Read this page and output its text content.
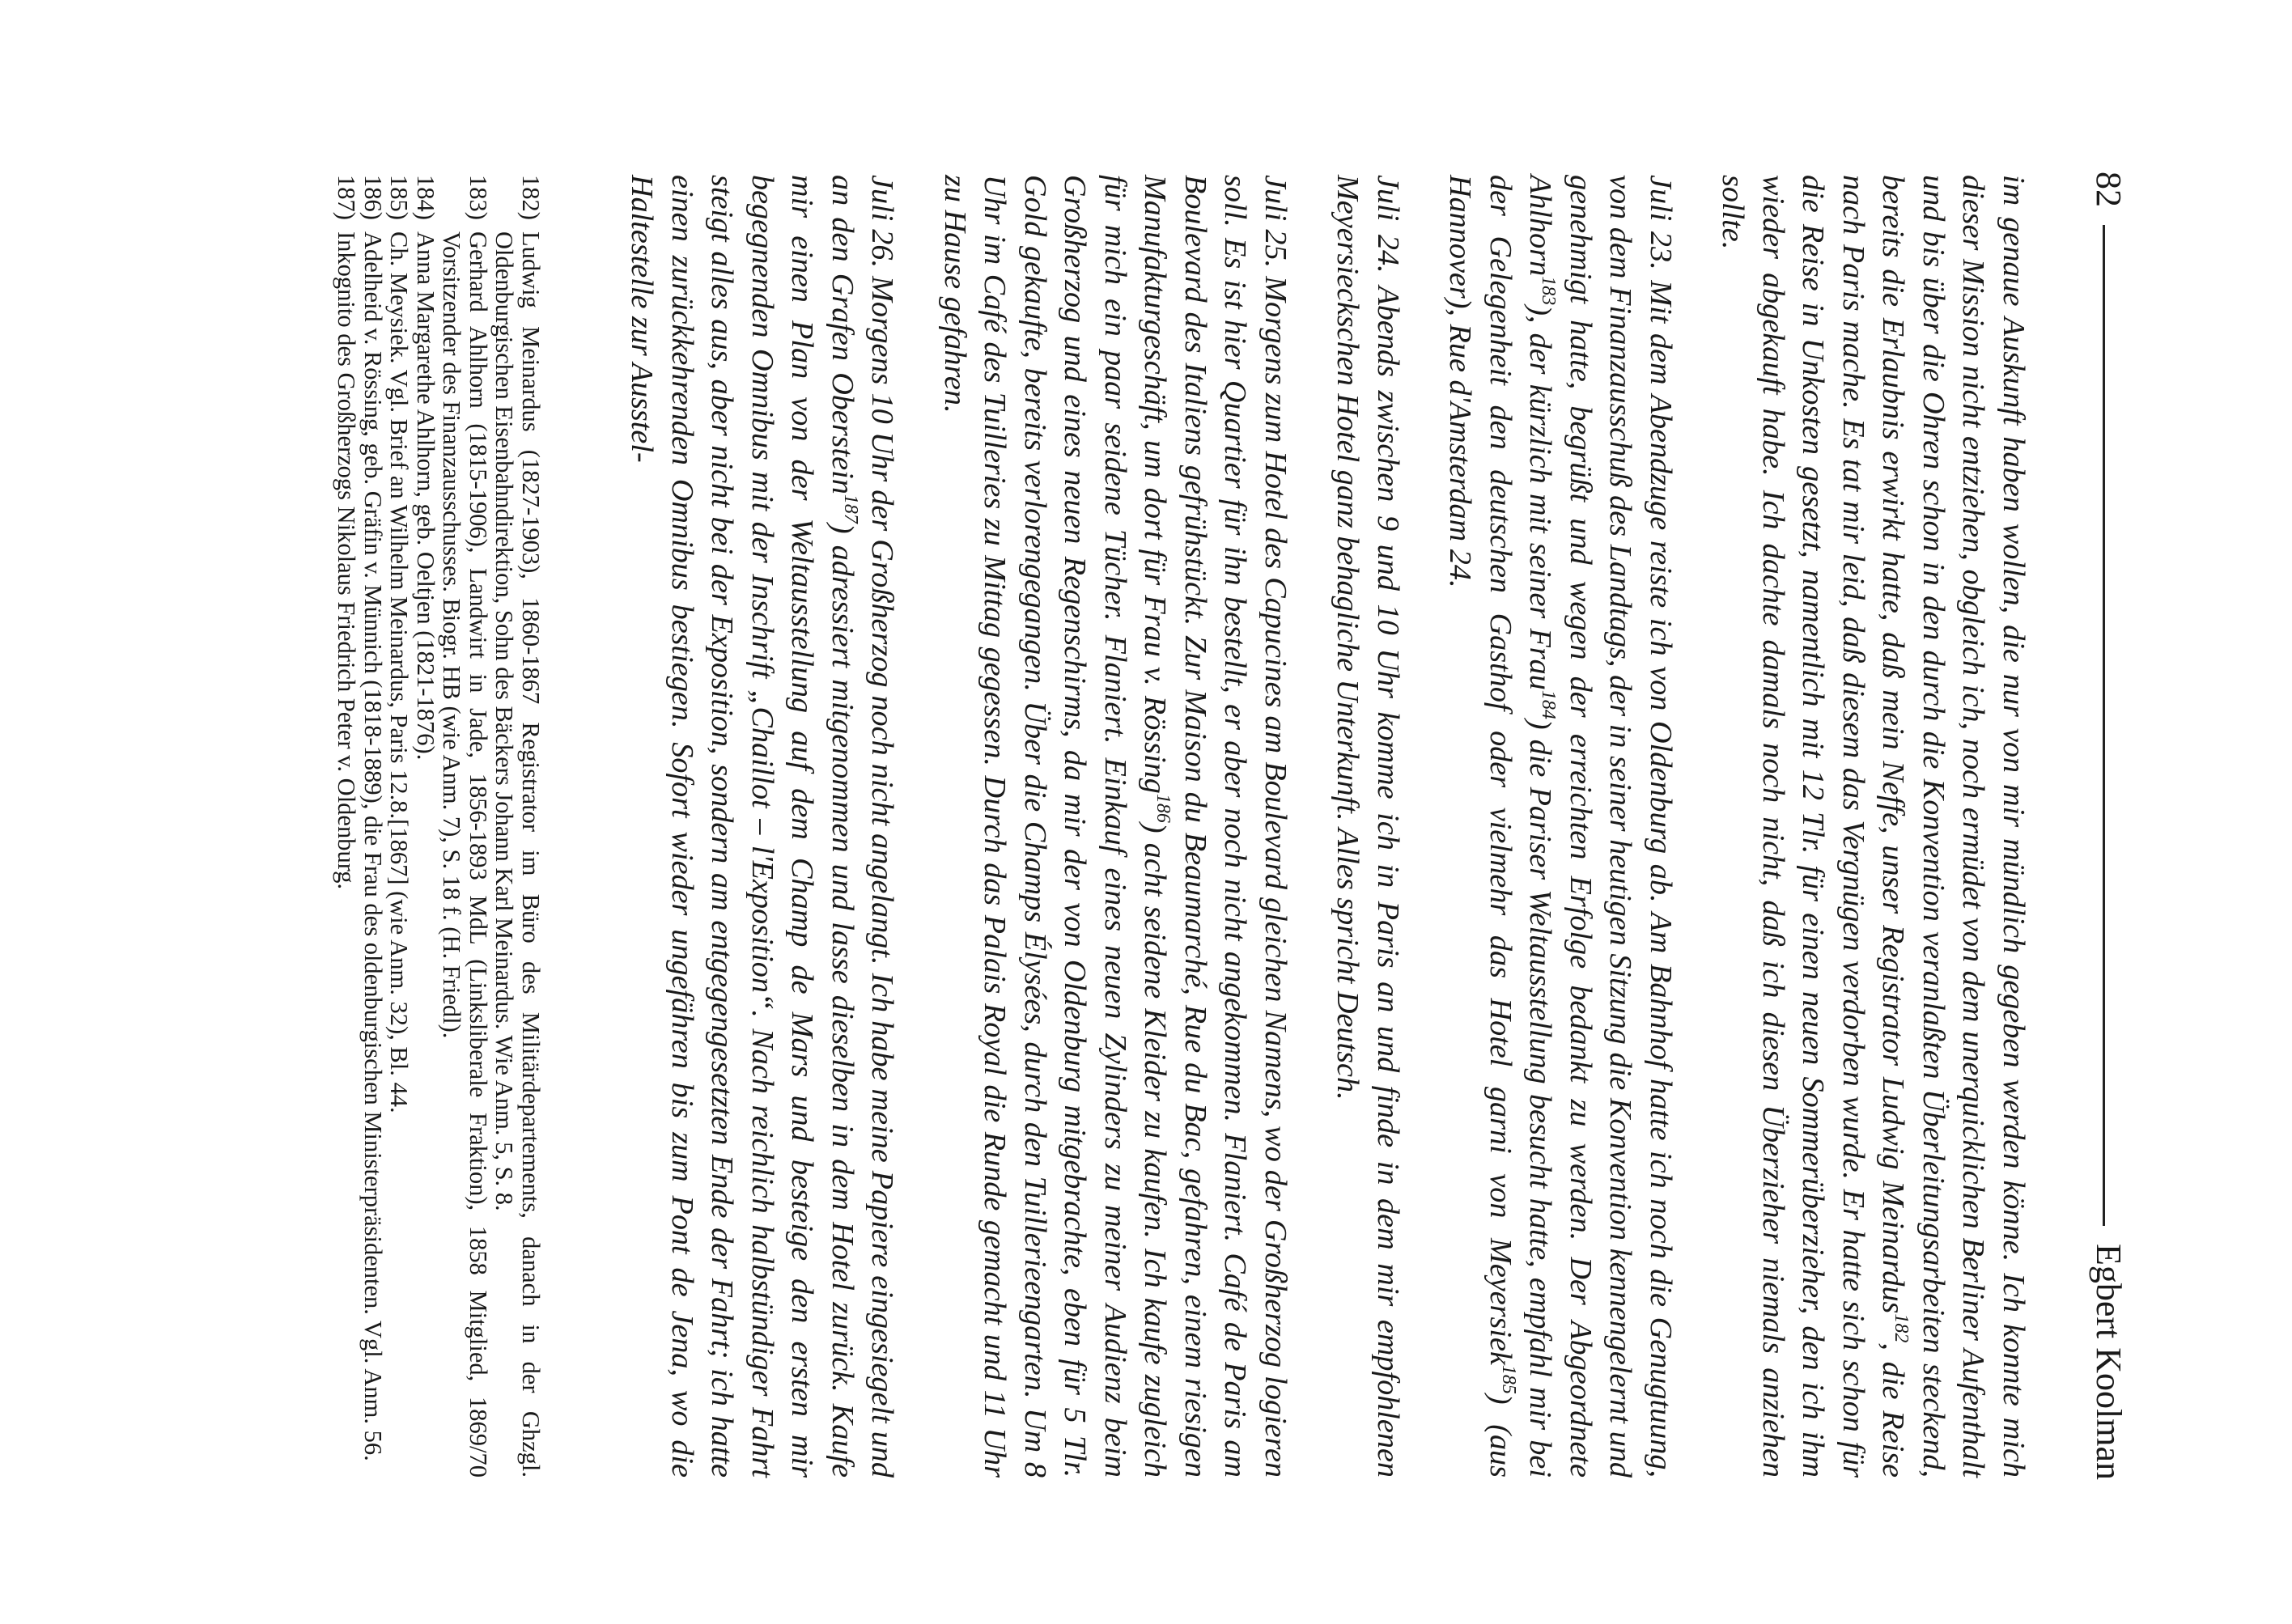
82
Egbert Koolman

im genaue Auskunft haben wollen, die nur von mir mündlich gegeben werden könne. Ich konnte mich dieser Mission nicht entziehen, obgleich ich, noch ermüdet von dem unerquicklichen Berliner Aufenthalt und bis über die Ohren schon in den durch die Konvention veranlaßten Überleitungsarbeiten steckend, bereits die Erlaubnis erwirkt hatte, daß mein Neffe, unser Registrator Ludwig Meinardus$^{182}$, die Reise nach Paris mache. Es tat mir leid, daß diesem das Vergnügen verdorben wurde. Er hatte sich schon für die Reise in Unkosten gesetzt, namentlich mit 12 Tlr. für einen neuen Sommerüberzieher, den ich ihm wieder abgekauft habe. Ich dachte damals noch nicht, daß ich diesen Überzieher niemals anziehen sollte.

Juli 23. Mit dem Abendzuge reiste ich von Oldenburg ab. Am Bahnhof hatte ich noch die Genugtuung, von dem Finanzausschuß des Landtags, der in seiner heutigen Sitzung die Konvention kennengelernt und genehmigt hatte, begrüßt und wegen der erreichten Erfolge bedankt zu werden. Der Abgeordnete Ahlhorn$^{183}$), der kürzlich mit seiner Frau$^{184}$) die Pariser Weltausstellung besucht hatte, empfahl mir bei der Gelegenheit den deutschen Gasthof oder vielmehr das Hotel garni von Meyersiek$^{185}$) (aus Hannover), Rue d'Amsterdam 24.

Juli 24. Abends zwischen 9 und 10 Uhr komme ich in Paris an und finde in dem mir empfohlenen Meyersieckschen Hotel ganz behagliche Unterkunft. Alles spricht Deutsch.

Juli 25. Morgens zum Hotel des Capucines am Boulevard gleichen Namens, wo der Großherzog logieren soll. Es ist hier Quartier für ihn bestellt, er aber noch nicht angekommen. Flaniert. Café de Paris am Boulevard des Italiens gefrühstückt. Zur Maison du Beaumarché, Rue du Bac, gefahren, einem riesigen Manufakturgeschäft, um dort für Frau v. Rössing$^{186}$) acht seidene Kleider zu kaufen. Ich kaufe zugleich für mich ein paar seidene Tücher. Flaniert. Einkauf eines neuen Zylinders zu meiner Audienz beim Großherzog und eines neuen Regenschirms, da mir der von Oldenburg mitgebrachte, eben für 5 Tlr. Gold gekaufte, bereits verlorengegangen. Über die Champs Élysées, durch den Tuillerieengarten. Um 8 Uhr im Café des Tuilleries zu Mittag gegessen. Durch das Palais Royal die Runde gemacht und 11 Uhr zu Hause gefahren.

Juli 26. Morgens 10 Uhr der Großherzog noch nicht angelangt. Ich habe meine Papiere eingesiegelt und an den Grafen Oberstein$^{187}$) adressiert mitgenommen und lasse dieselben in dem Hotel zurück. Kaufe mir einen Plan von der Weltausstellung auf dem Champ de Mars und besteige den ersten mir begegnenden Omnibus mit der Inschrift „Chaillot – l'Exposition“. Nach reichlich halbstündiger Fahrt steigt alles aus, aber nicht bei der Exposition, sondern am entgegengesetzten Ende der Fahrt; ich hatte einen zurückkehrenden Omnibus bestiegen. Sofort wieder ungefähren bis zum Pont de Jena, wo die Haltestelle zur Ausstel-

182)
Ludwig Meinardus (1827-1903), 1860-1867 Registrator im Büro des Militärdepartements, danach in der Ghzgl. Oldenburgischen Eisenbahndirektion, Sohn des Bäckers Johann Karl Meinardus. Wie Anm. 5, S. 8.
183)
Gerhard Ahlhorn (1815-1906), Landwirt in Jade, 1856-1893 MdL (Linksliberale Fraktion), 1858 Mitglied, 1869/70 Vorsitzender des Finanzausschusses. Biogr. HB (wie Anm. 7), S. 18 f. (H. Friedl).
184)
Anna Margarethe Ahlhorn, geb. Oeltjen (1821-1876).
185)
Ch. Meysiek. Vgl. Brief an Wilhelm Meinardus, Paris 12.8.[1867] (wie Anm. 32), Bl. 44.
186)
Adelheid v. Rössing, geb. Gräfin v. Münnich (1818-1889), die Frau des oldenburgischen Ministerpräsidenten. Vgl. Anm. 56.
187)
Inkognito des Großherzogs Nikolaus Friedrich Peter v. Oldenburg.
